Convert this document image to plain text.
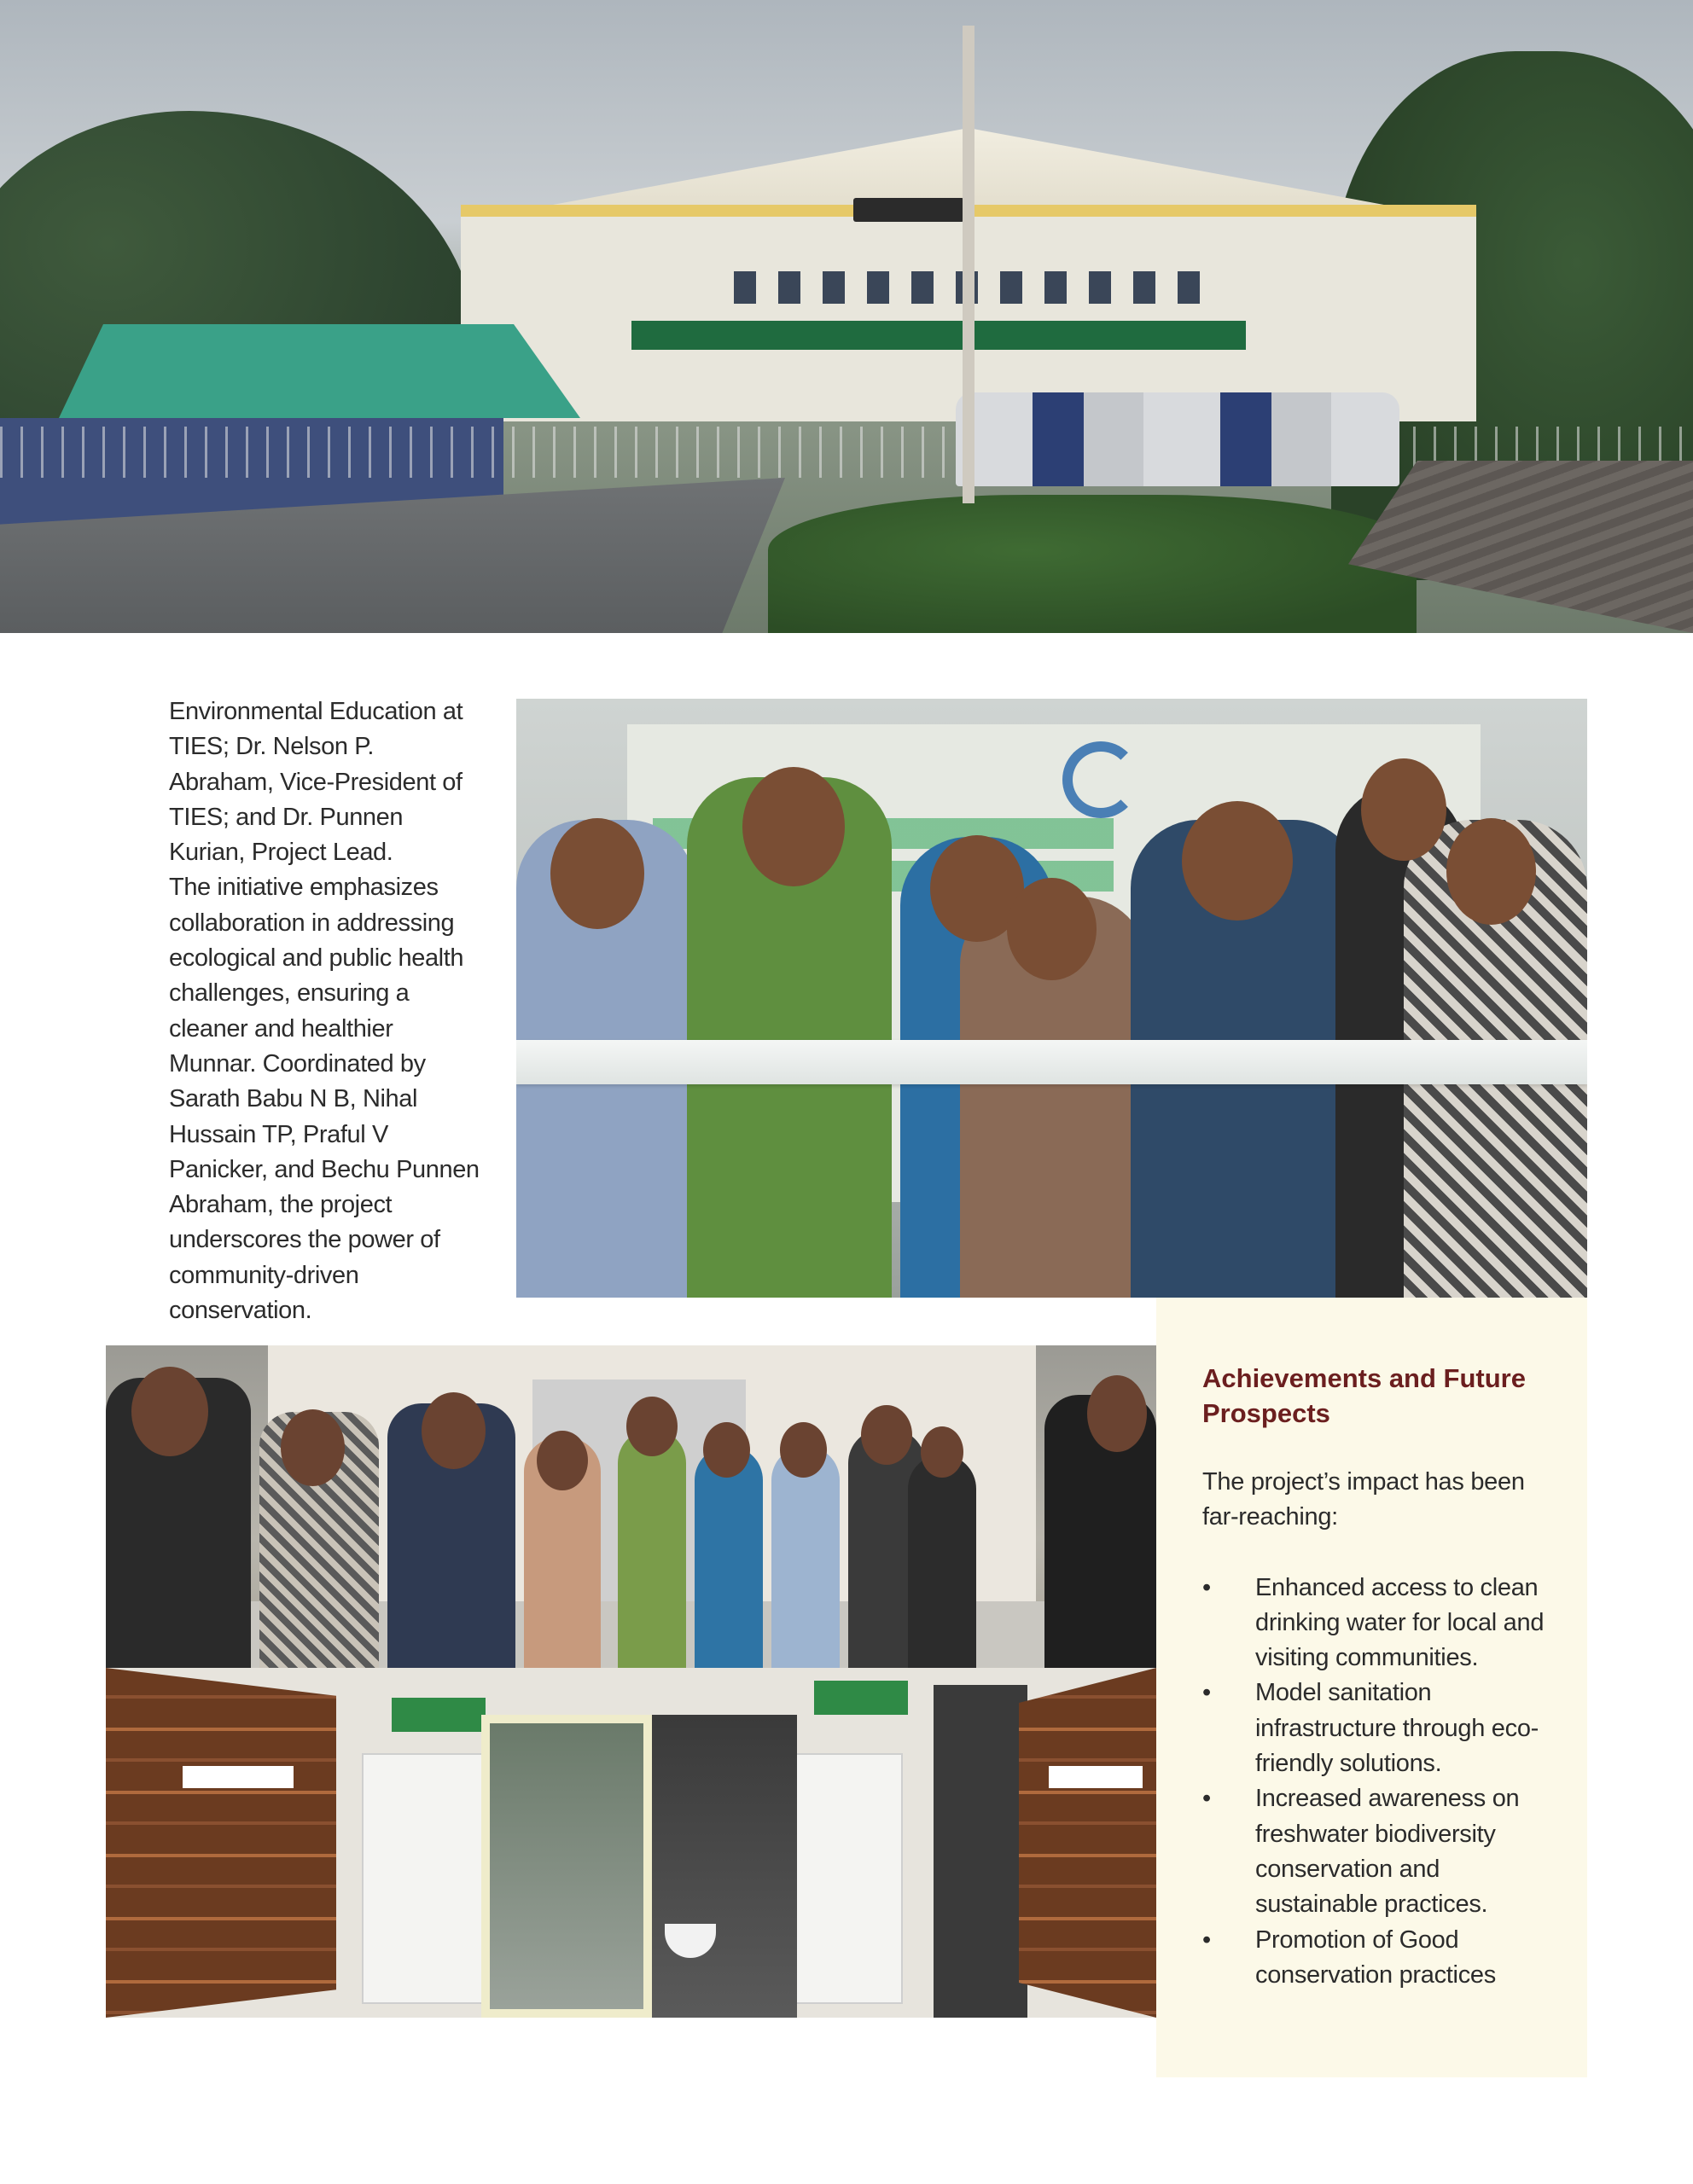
Environmental Education at TIES; Dr. Nelson P. Abraham, Vice-President of TIES; and Dr. Punnen Kurian, Project Lead.

The initiative emphasizes collaboration in addressing ecological and public health challenges, ensuring a cleaner and healthier Munnar. Coordinated by Sarath Babu N B, Nihal Hussain TP, Praful V Panicker, and Bechu Punnen Abraham, the project underscores the power of community-driven conservation.

Achievements and Future Prospects

The project’s impact has been far-reaching:

•	Enhanced access to clean drinking water for local and visiting communities.
•	Model sanitation infrastructure through eco-friendly solutions.
•	Increased awareness on freshwater biodiversity conservation and sustainable practices.
•	Promotion of Good conservation practices
